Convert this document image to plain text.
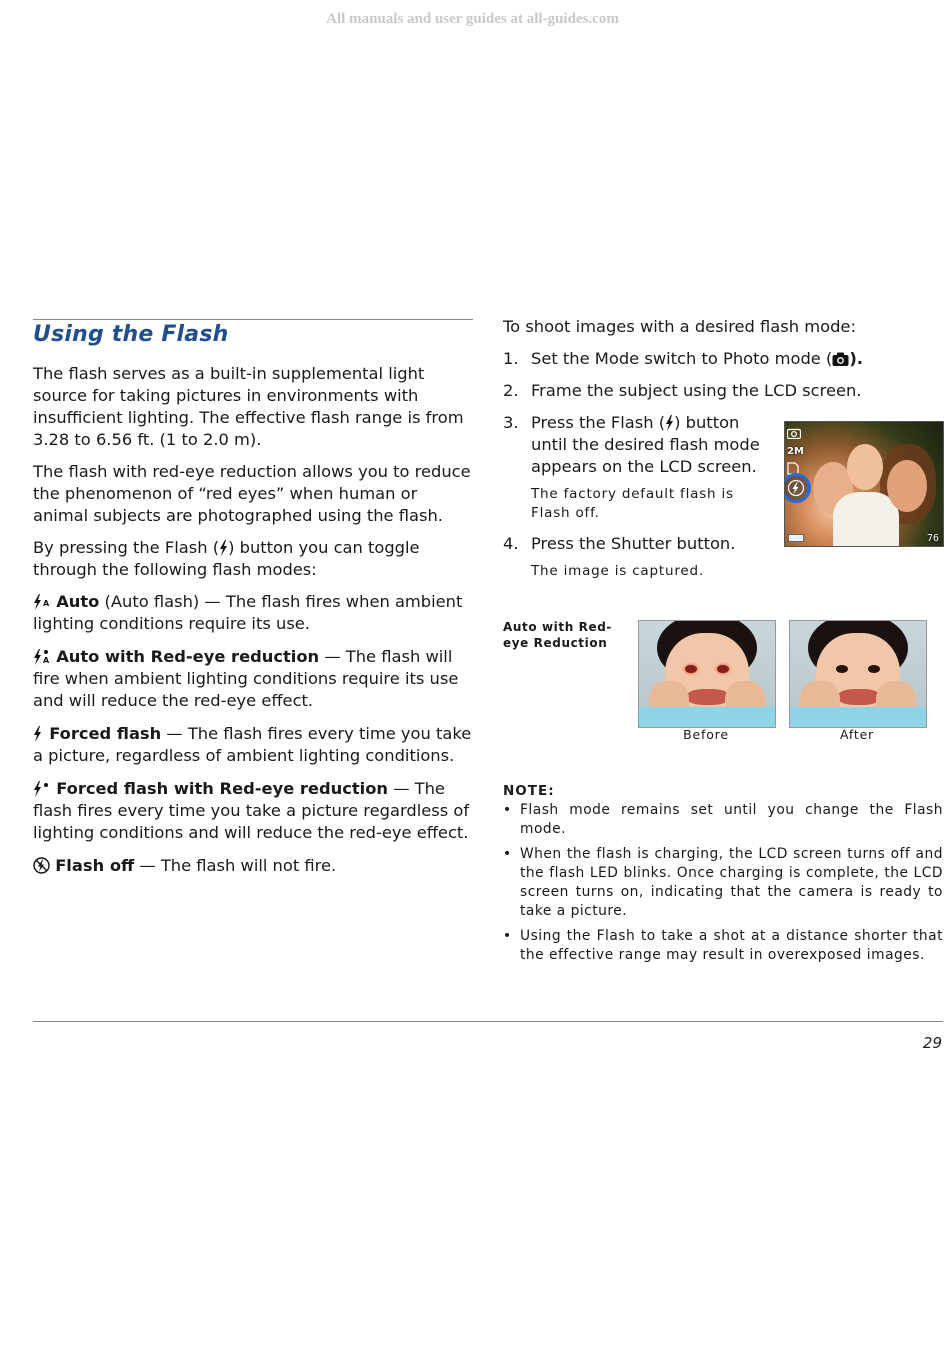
All manuals and user guides at all-guides.com
Using the Flash

The flash serves as a built-in supplemental light source for taking pictures in environments with insufficient lighting. The effective flash range is from 3.28 to 6.56 ft. (1 to 2.0 m).

The flash with red-eye reduction allows you to reduce the phenomenon of “red eyes” when human or animal subjects are photographed using the flash.

By pressing the Flash ( ) button you can toggle through the following flash modes:

A Auto (Auto flash) — The flash fires when ambient lighting conditions require its use.

A Auto with Red-eye reduction — The flash will fire when ambient lighting conditions require its use and will reduce the red-eye effect.

Forced flash — The flash fires every time you take a picture, regardless of ambient lighting conditions.

Forced flash with Red-eye reduction — The flash fires every time you take a picture regardless of lighting conditions and will reduce the red-eye effect.

Flash off — The flash will not fire.

To shoot images with a desired flash mode:

1. Set the Mode switch to Photo mode ( ).
2. Frame the subject using the LCD screen.
3. Press the Flash ( ) button until the desired flash mode appears on the LCD screen.

The factory default flash is Flash off.

4. Press the Shutter button.

The image is captured.

2M
76
Auto with Red-eye Reduction
Before	After
NOTE:
• Flash mode remains set until you change the Flash mode.
• When the flash is charging, the LCD screen turns off and the flash LED blinks. Once charging is complete, the LCD screen turns on, indicating that the camera is ready to take a picture.
• Using the Flash to take a shot at a distance shorter that the effective range may result in overexposed images.
29
